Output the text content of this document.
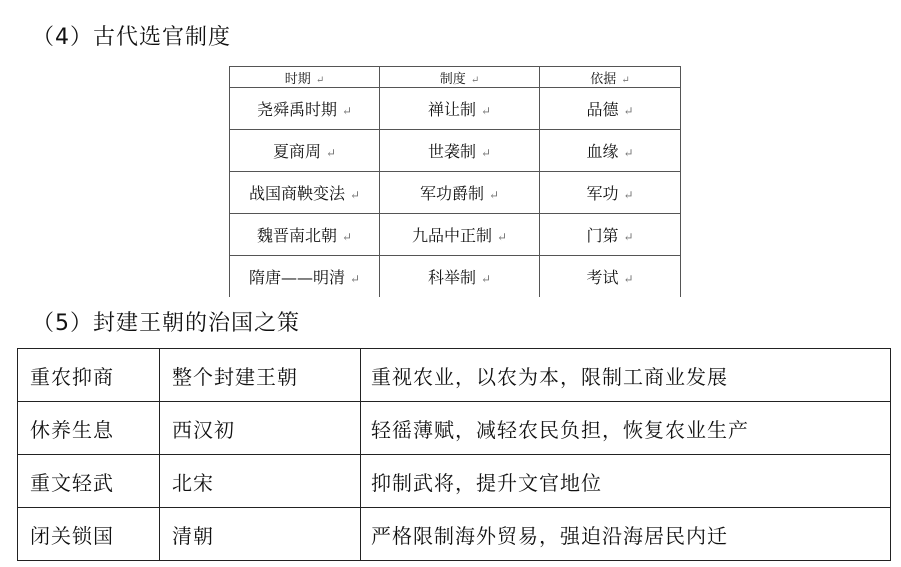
（4）古代选官制度
时期 ↵	制度 ↵	依据 ↵
尧舜禹时期 ↵	禅让制 ↵	品德 ↵
夏商周 ↵	世袭制 ↵	血缘 ↵
战国商鞅变法 ↵	军功爵制 ↵	军功 ↵
魏晋南北朝 ↵	九品中正制 ↵	门第 ↵
隋唐——明清 ↵	科举制 ↵	考试 ↵
（5）封建王朝的治国之策
重农抑商	整个封建王朝	重视农业，以农为本，限制工商业发展
休养生息	西汉初	轻徭薄赋，减轻农民负担，恢复农业生产
重文轻武	北宋	抑制武将，提升文官地位
闭关锁国	清朝	严格限制海外贸易，强迫沿海居民内迁
